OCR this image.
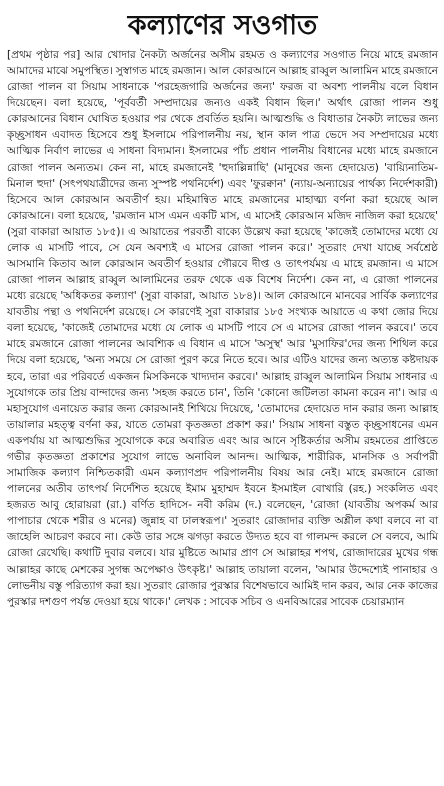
কল্যাণের সওগাত

[প্রথম পৃষ্ঠার পর] আর খোদার নৈকট্য অর্জনের অসীম রহমত ও কল্যাণের সওগাত নিয়ে মাহে রমজান আমাদের মাঝে সমুপস্থিত। সুস্বাগত মাহে রমজান। আল কোরআনে আল্লাহ রাব্বুল আলামিন মাহে রমজানে রোজা পালন বা সিয়াম সাধনাকে 'পরহেজগারি অর্জনের জন্য' ফরজ বা অবশ্য পালনীয় বলে বিধান দিয়েছেন। বলা হয়েছে, 'পূর্ববর্তী সম্প্রদায়ের জন্যও একই বিধান ছিল।' অর্থাৎ রোজা পালন শুধু কোরআনের বিধান ঘোষিত হওয়ার পর থেকে প্রবর্তিত হয়নি। আত্মশুদ্ধি ও বিধাতার নৈকট্য লাভের জন্য কৃচ্ছ্রসাধন এবাদত হিসেবে শুধু ইসলামে পরিপালনীয় নয়, স্থান কাল পাত্র ভেদে সব সম্প্রদায়ের মধ্যে আত্মিক নির্বাণ লাভের এ সাধনা বিদ্যমান। ইসলামের পাঁচ প্রধান পালনীয় বিধানের মধ্যে মাহে রমজানে রোজা পালন অন্যতম। কেন না, মাহে রমজানেই 'হুদাল্লিন্নাছি' (মানুষের জন্য হেদায়েত) 'বায়্যিনাতিম-মিনাল হুদা' (সৎপথযাত্রীদের জন্য সুস্পষ্ট পথনির্দেশ) এবং 'ফুরক্বান' (ন্যায়-অন্যায়ের পার্থক্য নির্দেশকারী) হিসেবে আল কোরআন অবতীর্ণ হয়। মহিমান্বিত মাহে রমজানের মাহাত্ম্য বর্ণনা করা হয়েছে আল কোরআনে। বলা হয়েছে, 'রমজান মাস এমন একটি মাস, এ মাসেই কোরআন মজিদ নাজিল করা হয়েছে' (সুরা বাকারা আয়াত ১৮৫)। এ আয়াতের পরবর্তী বাক্যে উল্লেখ করা হয়েছে 'কাজেই তোমাদের মধ্যে যে লোক এ মাসটি পাবে, সে যেন অবশ্যই এ মাসের রোজা পালন করে।' সুতরাং দেখা যাচ্ছে সর্বশ্রেষ্ঠ আসমানি কিতাব আল কোরআন অবতীর্ণ হওয়ার গৌরবে দীপ্ত ও তাৎপর্যময় এ মাহে রমজান। এ মাসে রোজা পালন আল্লাহ রাব্বুল আলামিনের তরফ থেকে এক বিশেষ নির্দেশ। কেন না, এ রোজা পালনের মধ্যে রয়েছে 'অধিকতর কল্যাণ' (সুরা বাকারা, আয়াত ১৮৪)। আল কোরআনে মানবের সার্বিক কল্যাণের যাবতীয় পন্থা ও পথনির্দেশ রয়েছে। সে কারণেই সুরা বাকারার ১৮৫ সংখ্যক আয়াতে এ কথা জোর দিয়ে বলা হয়েছে, 'কাজেই তোমাদের মধ্যে যে লোক এ মাসটি পাবে সে এ মাসের রোজা পালন করবে।' তবে মাহে রমজানে রোজা পালনের আবশ্যিক এ বিধান এ মাসে 'অসুস্থ' আর 'মুসাফির'দের জন্য শিথিল করে দিয়ে বলা হয়েছে, 'অন্য সময়ে সে রোজা পুরণ করে নিতে হবে। আর এটিও যাদের জন্য অত্যন্ত কষ্টদায়ক হবে, তারা এর পরিবর্তে একজন মিসকিনকে খাদ্যদান করবে।' আল্লাহ রাব্বুল আলামিন সিয়াম সাধনার এ সুযোগকে তার প্রিয় বান্দাদের জন্য 'সহজ করতে চান', তিনি 'কোনো জটিলতা কামনা করেন না'। আর এ মহাসুযোগ এনায়েত করার জন্য কোরআনই শিখিয়ে দিয়েছে, 'তোমাদের হেদায়েত দান করার জন্য আল্লাহ তায়ালার মহত্ত্ব বর্ণনা কর, যাতে তোমরা কৃতজ্ঞতা প্রকাশ কর।' সিয়াম সাধনা বস্তুত কৃচ্ছ্রসাধনের এমন একপর্যায় যা আত্মশুদ্ধির সুযোগকে করে অবারিত এবং আর আনে সৃষ্টিকর্তার অসীম রহমতের প্রাপ্তিতে গভীর কৃতজ্ঞতা প্রকাশের সুযোগ লাভে অনাবিল আনন্দ। আত্মিক, শারীরিক, মানসিক ও সর্বাপরী সামাজিক কল্যাণ নিশ্চিতকারী এমন কল্যাণপ্রদ পরিপালনীয় বিষয় আর নেই। মাহে রমজানে রোজা পালনের অতীব তাৎপর্য নির্দেশিত হয়েছে ইমাম মুহাম্মদ ইবনে ইসমাইল বোখারি (রহ.) সংকলিত এবং হজরত আবু হোরায়রা (রা.) বর্ণিত হাদিসে- নবী করিম (দ.) বলেছেন, 'রোজা (যাবতীয় অপকর্ম আর পাপাচার থেকে শরীর ও মনের) জুন্নাহ বা ঢালস্বরূপ।' সুতরাং রোজাদার ব্যক্তি অশ্লীল কথা বলবে না বা জাহেলি আচরণ করবে না। কেউ তার সঙ্গে ঝগড়া করতে উদ্যত হবে বা গালমন্দ করলে সে বলবে, আমি রোজা রেখেছি। কথাটি দুবার বলবে। যার মুষ্টিতে আমার প্রাণ সে আল্লাহর শপথ, রোজাদারের মুখের গন্ধ আল্লাহর কাছে মেশকের সুগন্ধ অপেক্ষাও উৎকৃষ্ট।' আল্লাহ তায়ালা বলেন, 'আমার উদ্দেশ্যেই পানাহার ও লোভনীয় বস্তু পরিত্যাগ করা হয়। সুতরাং রোজার পুরস্কার বিশেষভাবে আমিই দান করব, আর নেক কাজের পুরস্কার দশগুণ পর্যন্ত দেওয়া হয়ে থাকে।' লেখক : সাবেক সচিব ও এনবিআরের সাবেক চেয়ারম্যান
